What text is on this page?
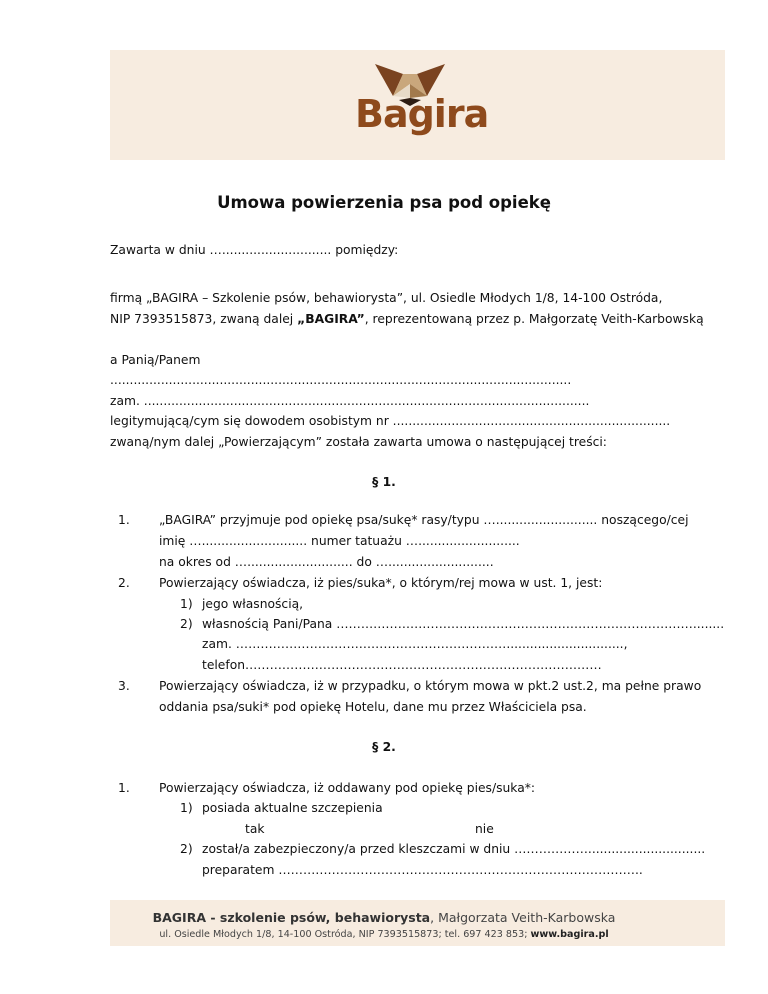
Bagira
Umowa powierzenia psa pod opiekę
Zawarta w dniu …............................ pomiędzy:
firmą „BAGIRA – Szkolenie psów, behawiorysta”, ul. Osiedle Młodych 1/8, 14-100 Ostróda,
NIP 7393515873, zwaną dalej „BAGIRA”, reprezentowaną przez p. Małgorzatę Veith-Karbowską
a Panią/Panem
......................................................................................................................
zam. ..................................................................................................................
legitymującą/cym się dowodem osobistym nr .......................................................................
zwaną/nym dalej „Powierzającym” została zawarta umowa o następującej treści:
§ 1.
1. „BAGIRA” przyjmuje pod opiekę psa/sukę* rasy/typu ….......................... noszącego/cej
imię …........................... numer tatuażu …..........................
na okres od …........................... do …...........................
2. Powierzający oświadcza, iż pies/suka*, o którym/rej mowa w ust. 1, jest:
1) jego własnością,
2) własnością Pani/Pana ……………………………………………………………………………........
zam. …………………………………………………………..............................,
telefon……………………………………………………………………………
3. Powierzający oświadcza, iż w przypadku, o którym mowa w pkt.2 ust.2, ma pełne prawo
oddania psa/suki* pod opiekę Hotelu, dane mu przez Właściciela psa.
§ 2.
1. Powierzający oświadcza, iż oddawany pod opiekę pies/suka*:
1) posiada aktualne szczepienia
tak	nie
2) został/a zabezpieczony/a przed kleszczami w dniu ………………..............................
preparatem ……………………………………………………………………………..
BAGIRA - szkolenie psów, behawiorysta, Małgorzata Veith-Karbowska
ul. Osiedle Młodych 1/8, 14-100 Ostróda, NIP 7393515873; tel. 697 423 853; www.bagira.pl
